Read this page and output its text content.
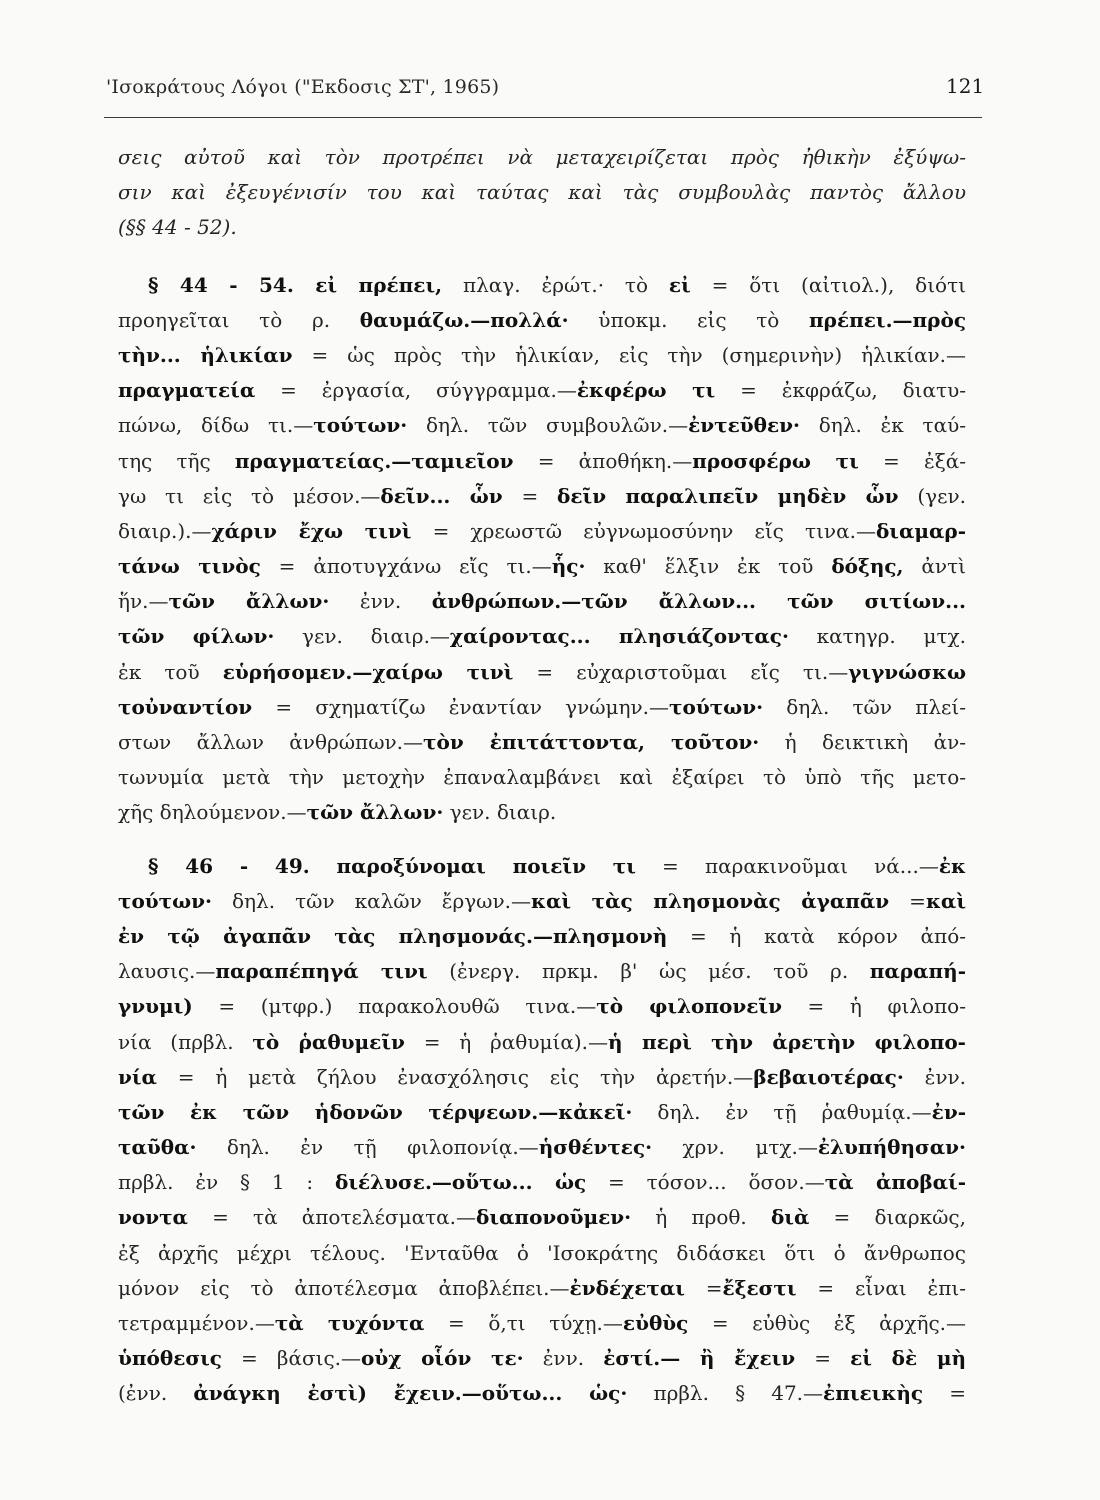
'Ισοκράτους Λόγοι ("Εκδοσις ΣΤ', 1965)	121
σεις αὐτοῦ καὶ τὸν προτρέπει νὰ μεταχειρίζεται πρὸς ἠθικὴν ἐξύψω-
σιν καὶ ἐξευγένισίν του καὶ ταύτας καὶ τὰς συμβουλὰς παντὸς ἄλλου
(§§ 44 - 52).
§ 44 - 54. εἰ πρέπει, πλαγ. ἐρώτ.· τὸ εἰ = ὅτι (αἰτιολ.), διότι
προηγεῖται τὸ ρ. θαυμάζω.—πολλά· ὑποκμ. εἰς τὸ πρέπει.—πρὸς
τὴν... ἡλικίαν = ὡς πρὸς τὴν ἡλικίαν, εἰς τὴν (σημερινὴν) ἡλικίαν.—
πραγματεία = ἐργασία, σύγγραμμα.—ἐκφέρω τι = ἐκφράζω, διατυ-
πώνω, δίδω τι.—τούτων· δηλ. τῶν συμβουλῶν.—ἐντεῦθεν· δηλ. ἐκ ταύ-
της τῆς πραγματείας.—ταμιεῖον = ἀποθήκη.—προσφέρω τι = ἐξά-
γω τι εἰς τὸ μέσον.—δεῖν... ὧν = δεῖν παραλιπεῖν μηδὲν ὧν (γεν.
διαιρ.).—χάριν ἔχω τινὶ = χρεωστῶ εὐγνωμοσύνην εἴς τινα.—διαμαρ-
τάνω τινὸς = ἀποτυγχάνω εἴς τι.—ἧς· καθ' ἕλξιν ἐκ τοῦ δόξης, ἀντὶ
ἥν.—τῶν ἄλλων· ἐνν. ἀνθρώπων.—τῶν ἄλλων... τῶν σιτίων...
τῶν φίλων· γεν. διαιρ.—χαίροντας... πλησιάζοντας· κατηγρ. μτχ.
ἐκ τοῦ εὑρήσομεν.—χαίρω τινὶ = εὐχαριστοῦμαι εἴς τι.—γιγνώσκω
τοὐναντίον = σχηματίζω ἐναντίαν γνώμην.—τούτων· δηλ. τῶν πλεί-
στων ἄλλων ἀνθρώπων.—τὸν ἐπιτάττοντα, τοῦτον· ἡ δεικτικὴ ἀν-
τωνυμία μετὰ τὴν μετοχὴν ἐπαναλαμβάνει καὶ ἐξαίρει τὸ ὑπὸ τῆς μετο-
χῆς δηλούμενον.—τῶν ἄλλων· γεν. διαιρ.
§ 46 - 49. παροξύνομαι ποιεῖν τι = παρακινοῦμαι νά...—ἐκ
τούτων· δηλ. τῶν καλῶν ἔργων.—καὶ τὰς πλησμονὰς ἀγαπᾶν =καὶ
ἐν τῷ ἀγαπᾶν τὰς πλησμονάς.—πλησμονὴ = ἡ κατὰ κόρον ἀπό-
λαυσις.—παραπέπηγά τινι (ἐνεργ. πρκμ. β' ὡς μέσ. τοῦ ρ. παραπή-
γνυμι) = (μτφρ.) παρακολουθῶ τινα.—τὸ φιλοπονεῖν = ἡ φιλοπο-
νία (πρβλ. τὸ ῥαθυμεῖν = ἡ ῥαθυμία).—ἡ περὶ τὴν ἀρετὴν φιλοπο-
νία = ἡ μετὰ ζήλου ἐνασχόλησις εἰς τὴν ἀρετήν.—βεβαιοτέρας· ἐνν.
τῶν ἐκ τῶν ἡδονῶν τέρψεων.—κἀκεῖ· δηλ. ἐν τῇ ῥαθυμίᾳ.—ἐν-
ταῦθα· δηλ. ἐν τῇ φιλοπονίᾳ.—ἡσθέντες· χρν. μτχ.—ἐλυπήθησαν·
πρβλ. ἐν § 1 : διέλυσε.—οὕτω... ὡς = τόσον... ὅσον.—τὰ ἀποβαί-
νοντα = τὰ ἀποτελέσματα.—διαπονοῦμεν· ἡ προθ. διὰ = διαρκῶς,
ἐξ ἀρχῆς μέχρι τέλους. 'Ενταῦθα ὁ 'Ισοκράτης διδάσκει ὅτι ὁ ἄνθρωπος
μόνον εἰς τὸ ἀποτέλεσμα ἀποβλέπει.—ἐνδέχεται =ἔξεστι = εἶναι ἐπι-
τετραμμένον.—τὰ τυχόντα = ὅ,τι τύχῃ.—εὐθὺς = εὐθὺς ἐξ ἀρχῆς.—
ὑπόθεσις = βάσις.—οὐχ οἷόν τε· ἐνν. ἐστί.— ἢ ἔχειν = εἰ δὲ μὴ
(ἐνν. ἀνάγκη ἐστὶ) ἔχειν.—οὕτω... ὡς· πρβλ. § 47.—ἐπιεικὴς =
